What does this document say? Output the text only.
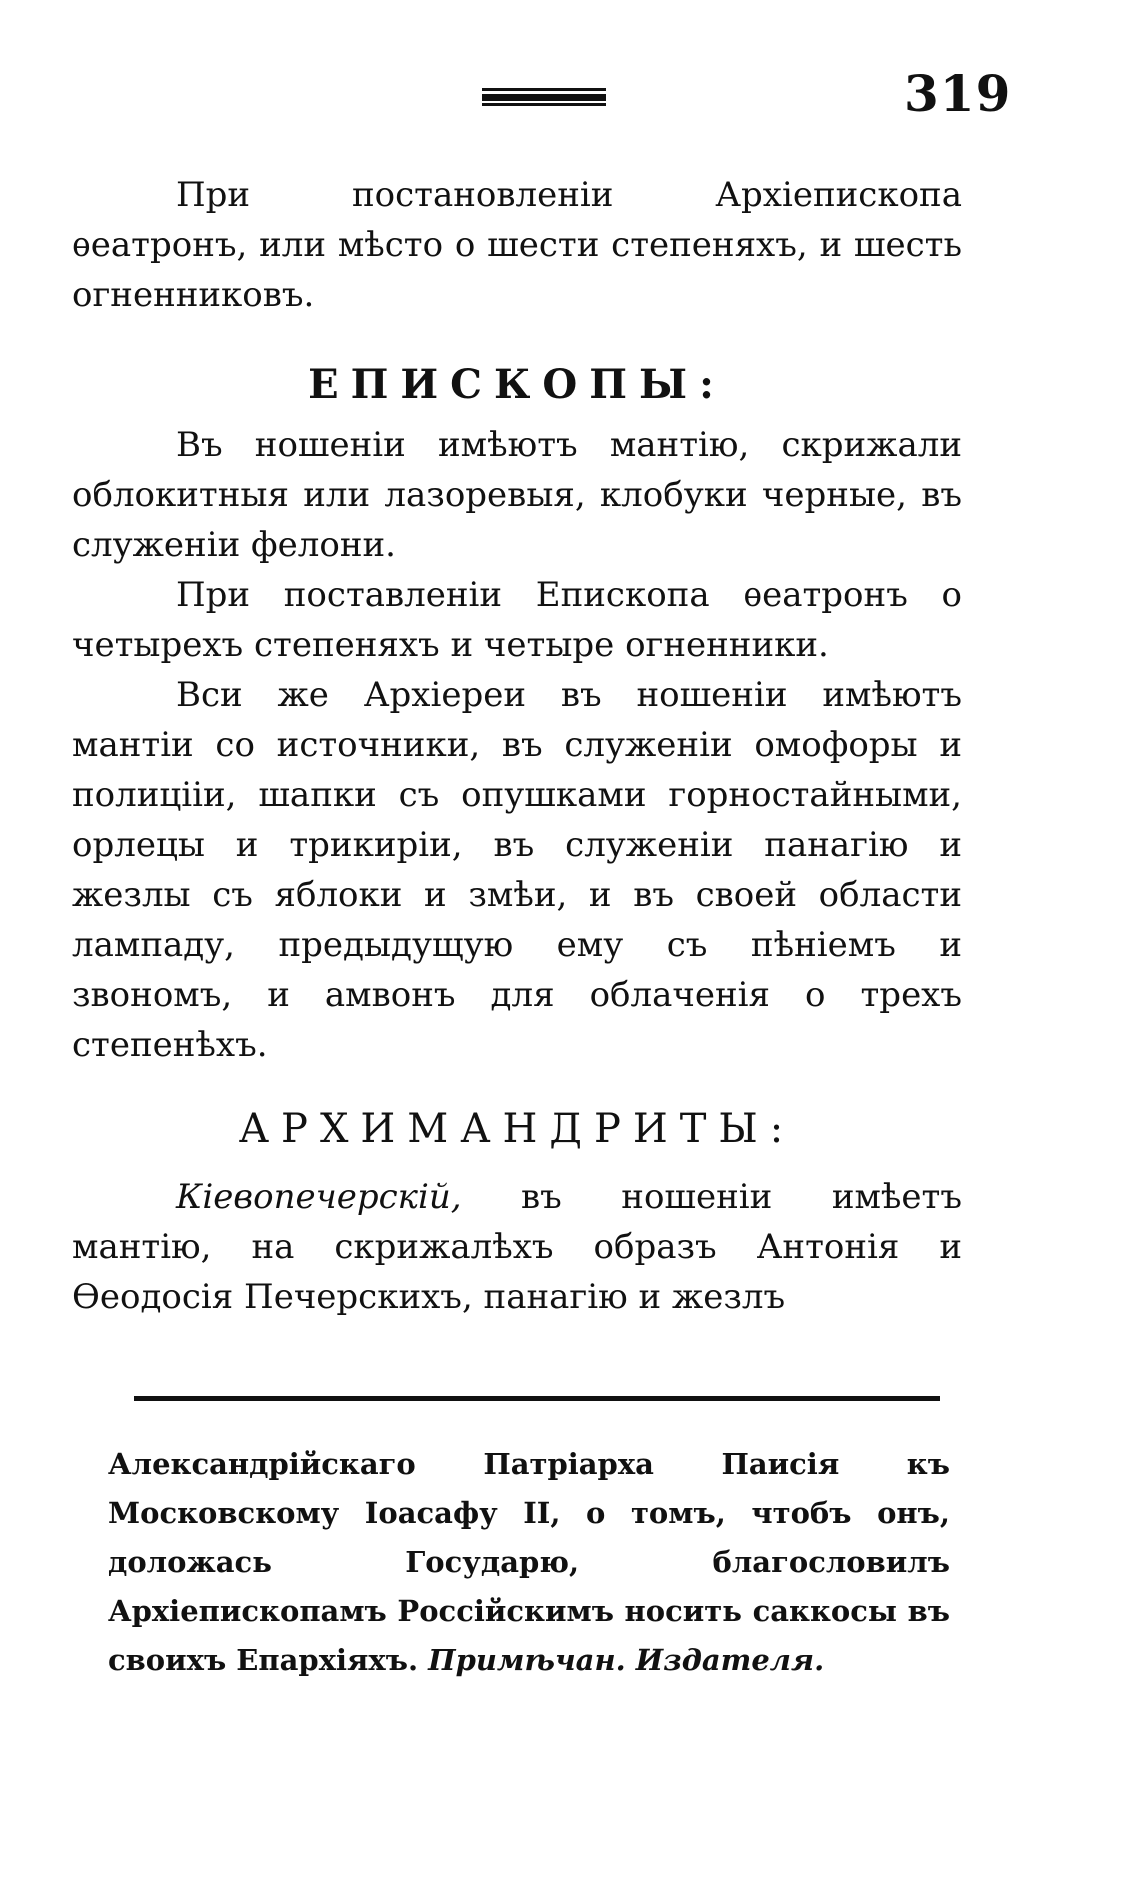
319

При постановленіи Архіепископа ѳеатронъ, или мѣсто о шести степеняхъ, и шесть огненниковъ.

ЕПИСКОПЫ:

Въ ношеніи имѣютъ мантію, скрижали облокитныя или лазоревыя, клобуки черные, въ служеніи фелони.

При поставленіи Епископа ѳеатронъ о четырехъ степеняхъ и четыре огненники.

Вси же Архіереи въ ношеніи имѣютъ мантіи со источники, въ служеніи омофоры и полицііи, шапки съ опушками горностайными, орлецы и трикиріи, въ служеніи панагію и жезлы съ яблоки и змѣи, и въ своей области лампаду, предыдущую ему съ пѣніемъ и звономъ, и амвонъ для облаченія о трехъ степенѣхъ.

АРХИМАНДРИТЫ:

Кіевопечерскій, въ ношеніи имѣетъ мантію, на скрижалѣхъ образъ Антонія и Ѳеодосія Печерскихъ, панагію и жезлъ

Александрійскаго Патріарха Паисія къ Московскому Іоасафу II, о томъ, чтобъ онъ, доложась Государю, благословилъ Архіепископамъ Россійскимъ носить саккосы въ своихъ Епархіяхъ. Примѣчан. Издателя.
